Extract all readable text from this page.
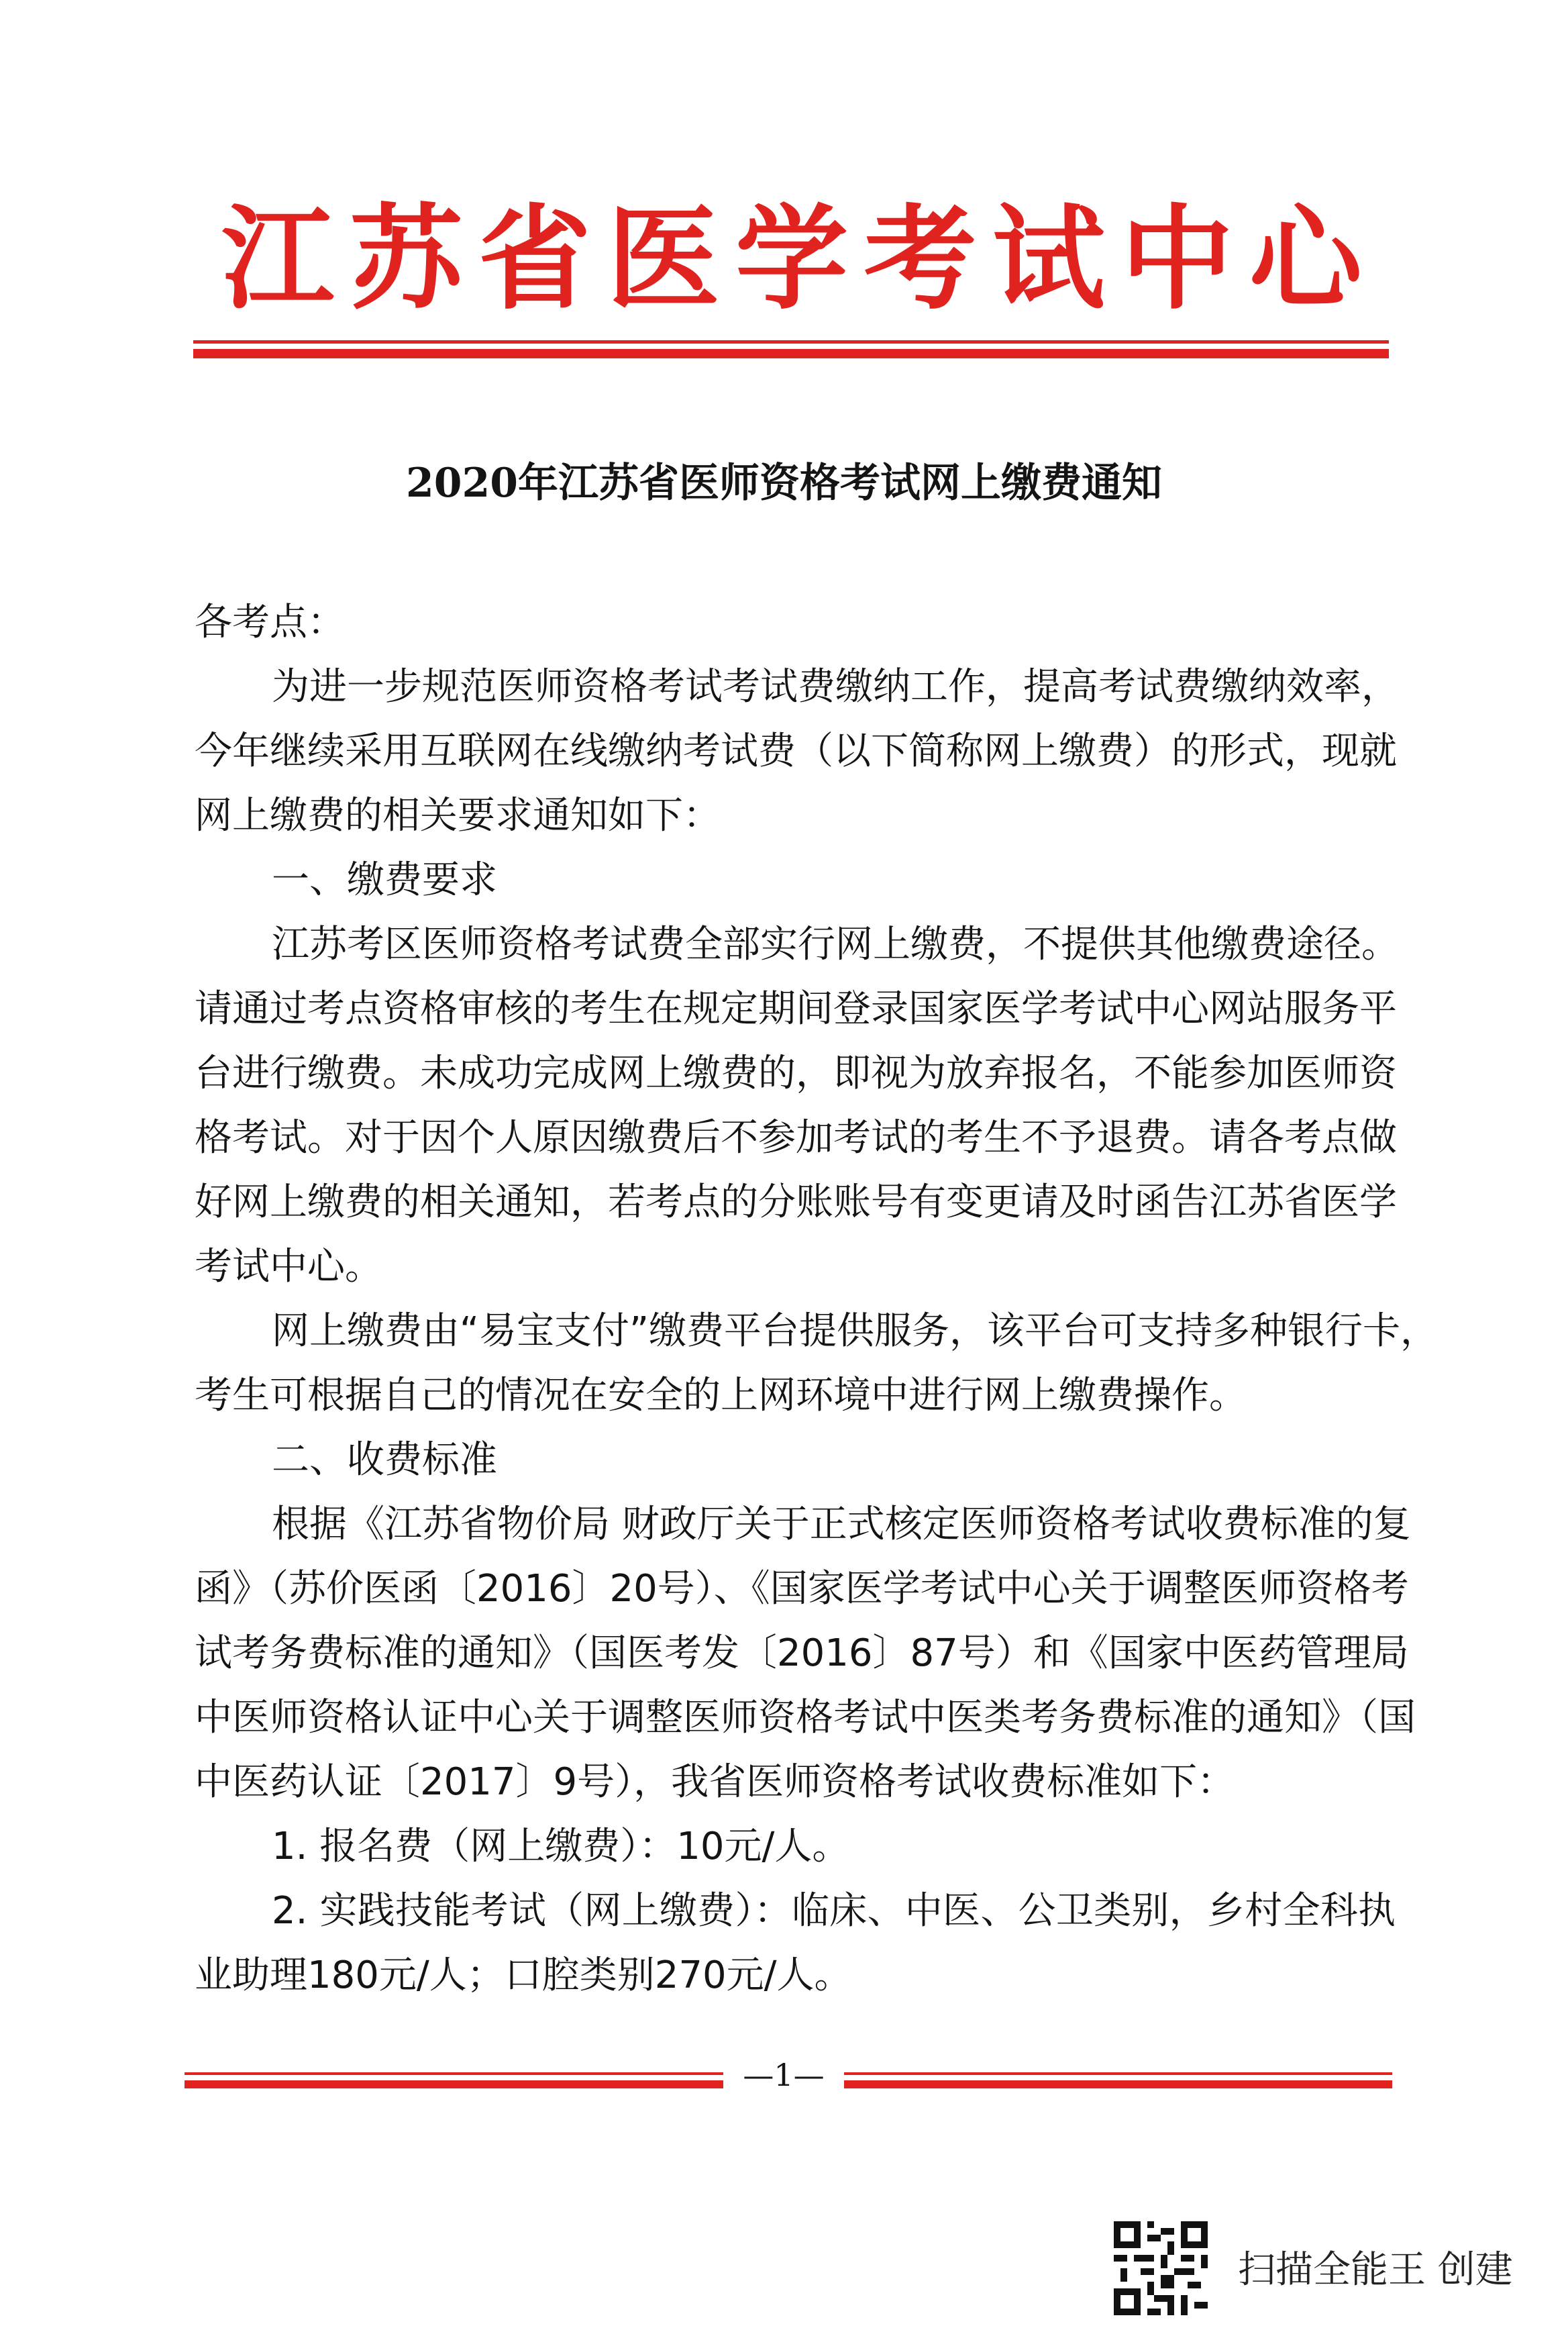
江 苏 省 医 学 考 试 中 心
2020年江苏省医师资格考试网上缴费通知
各考点：
为进一步规范医师资格考试考试费缴纳工作，提高考试费缴纳效率，
今年继续采用互联网在线缴纳考试费（以下简称网上缴费）的形式，现就
网上缴费的相关要求通知如下：
一、缴费要求
江苏考区医师资格考试费全部实行网上缴费，不提供其他缴费途径。
请通过考点资格审核的考生在规定期间登录国家医学考试中心网站服务平
台进行缴费。未成功完成网上缴费的，即视为放弃报名，不能参加医师资
格考试。对于因个人原因缴费后不参加考试的考生不予退费。请各考点做
好网上缴费的相关通知，若考点的分账账号有变更请及时函告江苏省医学
考试中心。
网上缴费由“易宝支付”缴费平台提供服务，该平台可支持多种银行卡，
考生可根据自己的情况在安全的上网环境中进行网上缴费操作。
二、收费标准
根据《江苏省物价局 财政厅关于正式核定医师资格考试收费标准的复
函》（苏价医函〔2016〕20号）、《国家医学考试中心关于调整医师资格考
试考务费标准的通知》（国医考发〔2016〕87号）和《国家中医药管理局
中医师资格认证中心关于调整医师资格考试中医类考务费标准的通知》（国
中医药认证〔2017〕9号），我省医师资格考试收费标准如下：
1. 报名费（网上缴费）：10元/人。
2. 实践技能考试（网上缴费）：临床、中医、公卫类别，乡村全科执
业助理180元/人；口腔类别270元/人。
—1—
扫描全能王 创建
